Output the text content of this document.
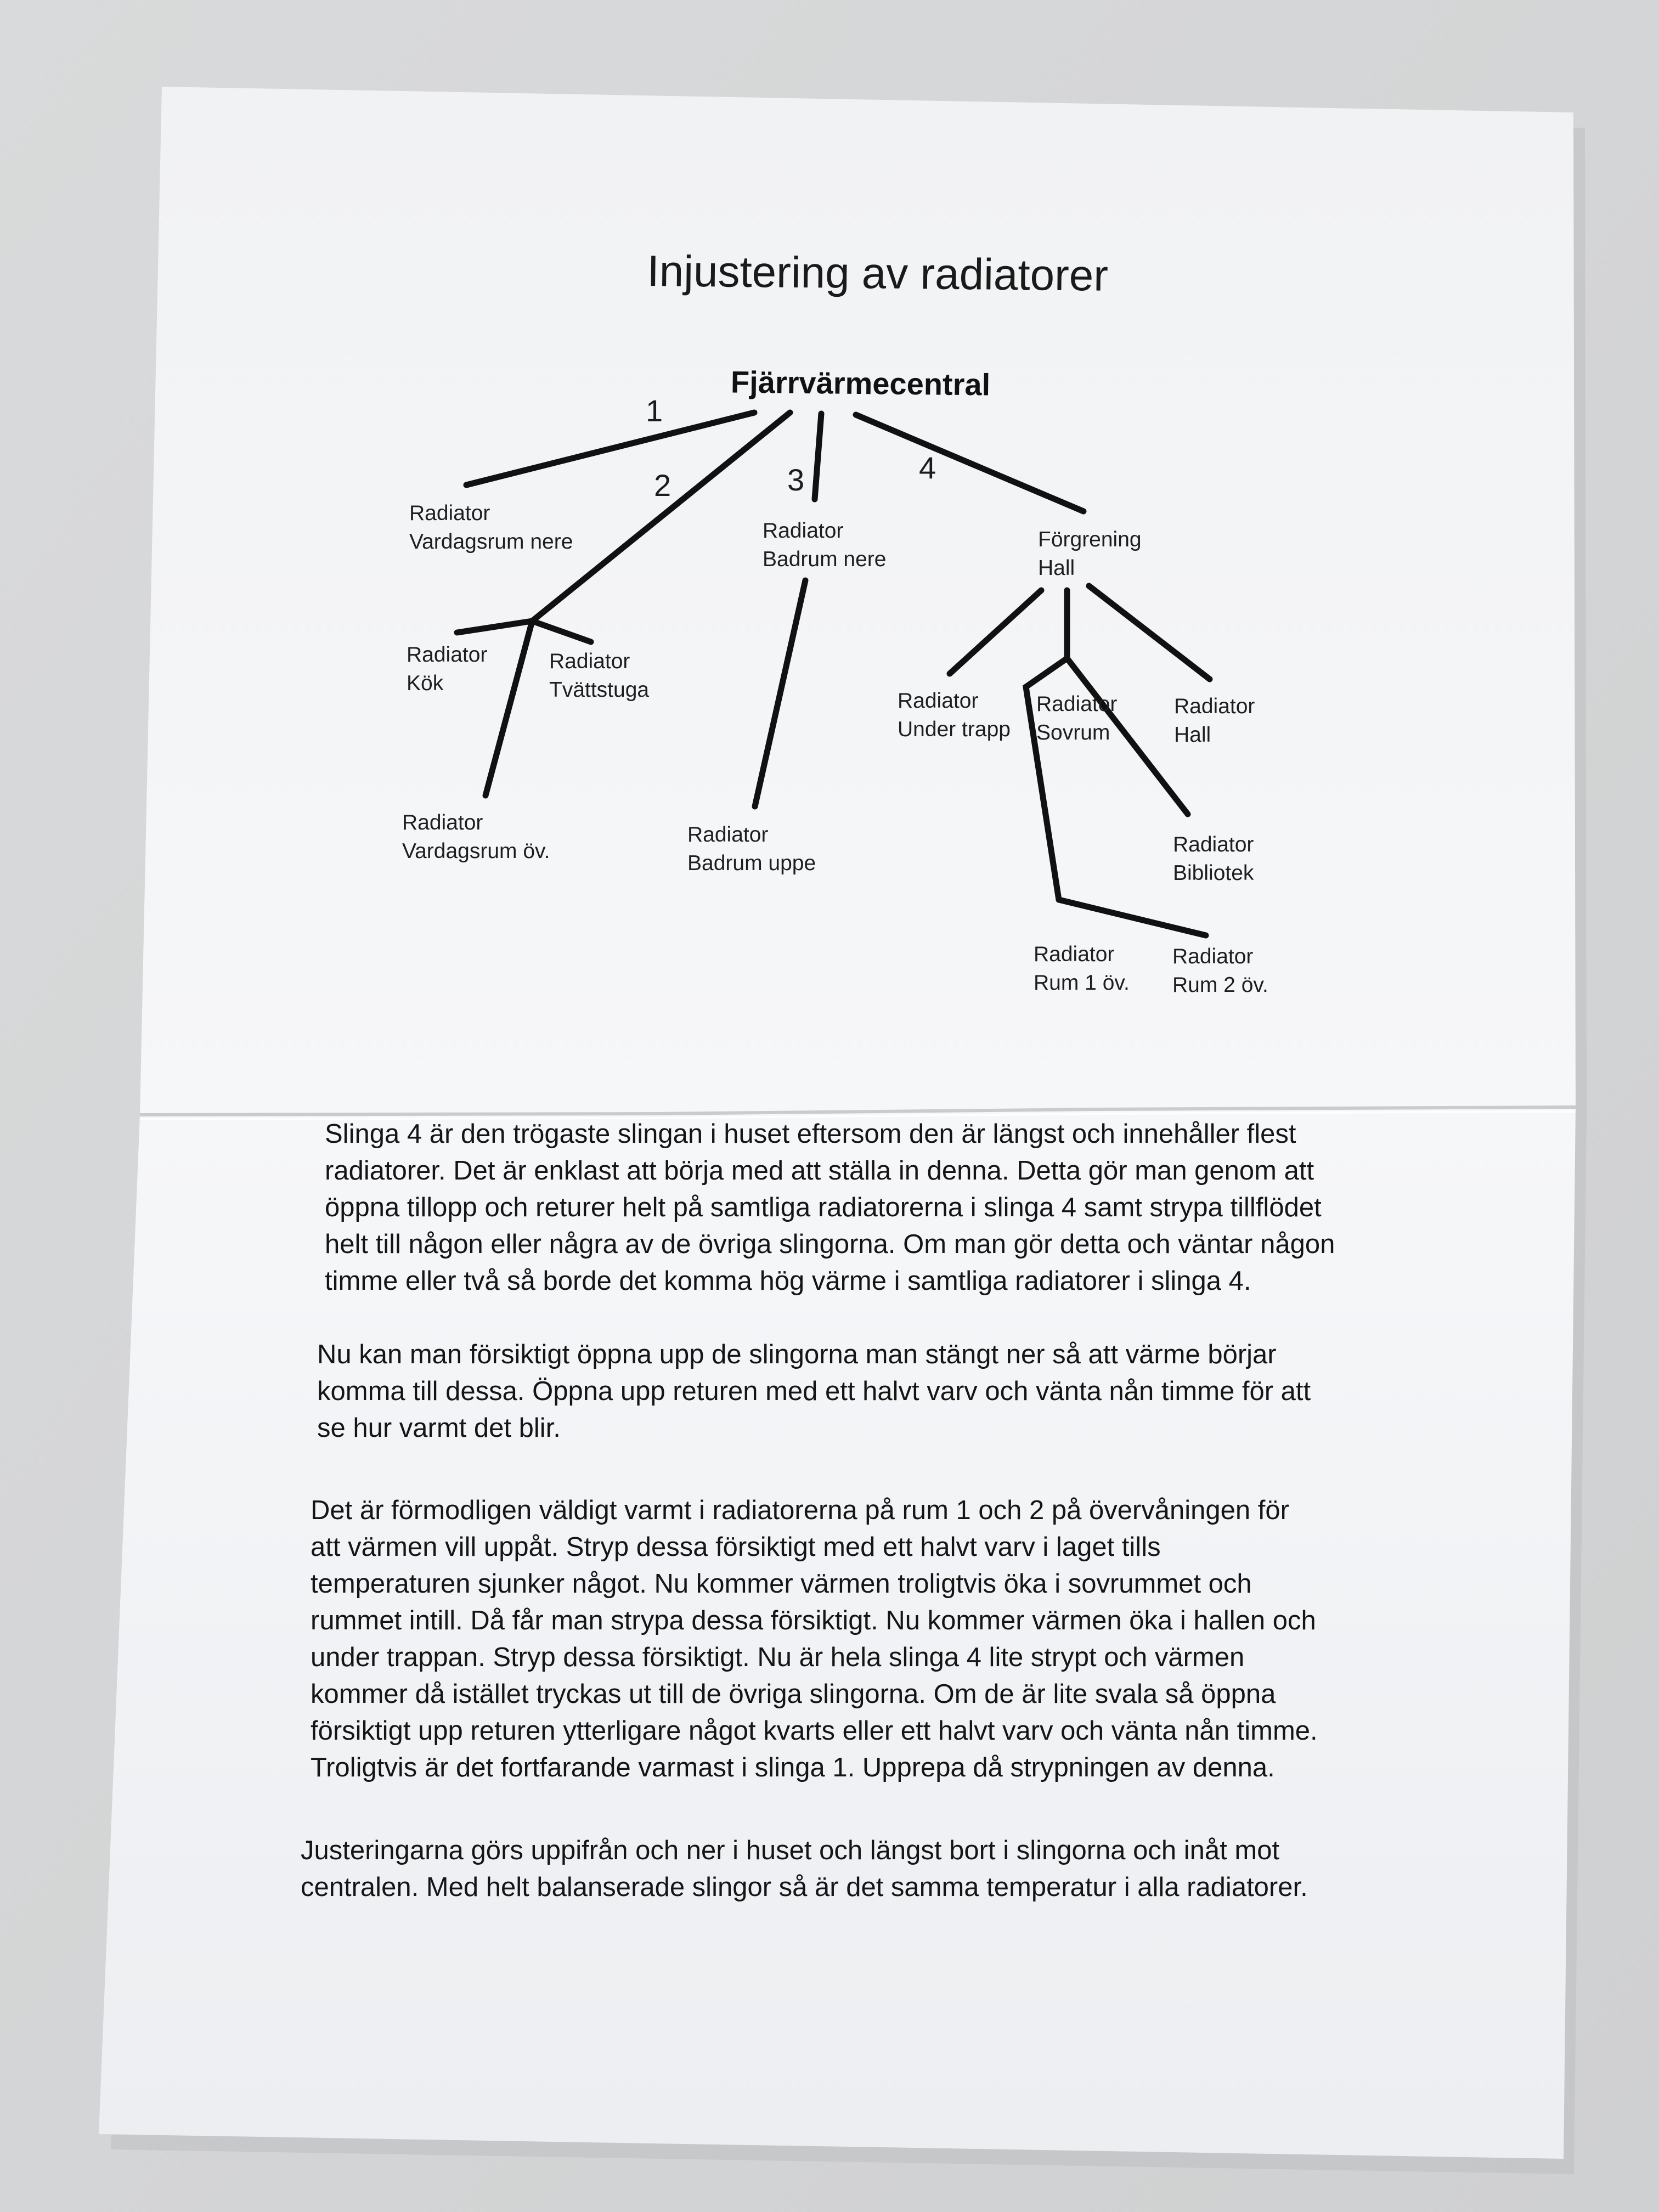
Injustering av radiatorer
Fjärrvärmecentral
1
2	3	4
Radiator
Vardagsrum nere
Radiator
Kök
Radiator
Tvättstuga
Radiator
Vardagsrum öv.
Radiator
Badrum nere
Radiator
Badrum uppe
Förgrening
Hall
Radiator
Under trapp
Radiator
Sovrum
Radiator
Hall
Radiator
Bibliotek
Radiator
Rum 1 öv.
Radiator
Rum 2 öv.
Slinga 4 är den trögaste slingan i huset eftersom den är längst och innehåller flest
radiatorer. Det är enklast att börja med att ställa in denna. Detta gör man genom att
öppna tillopp och returer helt på samtliga radiatorerna i slinga 4 samt strypa tillflödet
helt till någon eller några av de övriga slingorna. Om man gör detta och väntar någon
timme eller två så borde det komma hög värme i samtliga radiatorer i slinga 4.
Nu kan man försiktigt öppna upp de slingorna man stängt ner så att värme börjar
komma till dessa. Öppna upp returen med ett halvt varv och vänta nån timme för att
se hur varmt det blir.
Det är förmodligen väldigt varmt i radiatorerna på rum 1 och 2 på övervåningen för
att värmen vill uppåt. Stryp dessa försiktigt med ett halvt varv i laget tills
temperaturen sjunker något. Nu kommer värmen troligtvis öka i sovrummet och
rummet intill. Då får man strypa dessa försiktigt. Nu kommer värmen öka i hallen och
under trappan. Stryp dessa försiktigt. Nu är hela slinga 4 lite strypt och värmen
kommer då istället tryckas ut till de övriga slingorna. Om de är lite svala så öppna
försiktigt upp returen ytterligare något kvarts eller ett halvt varv och vänta nån timme.
Troligtvis är det fortfarande varmast i slinga 1. Upprepa då strypningen av denna.
Justeringarna görs uppifrån och ner i huset och längst bort i slingorna och inåt mot
centralen. Med helt balanserade slingor så är det samma temperatur i alla radiatorer.
